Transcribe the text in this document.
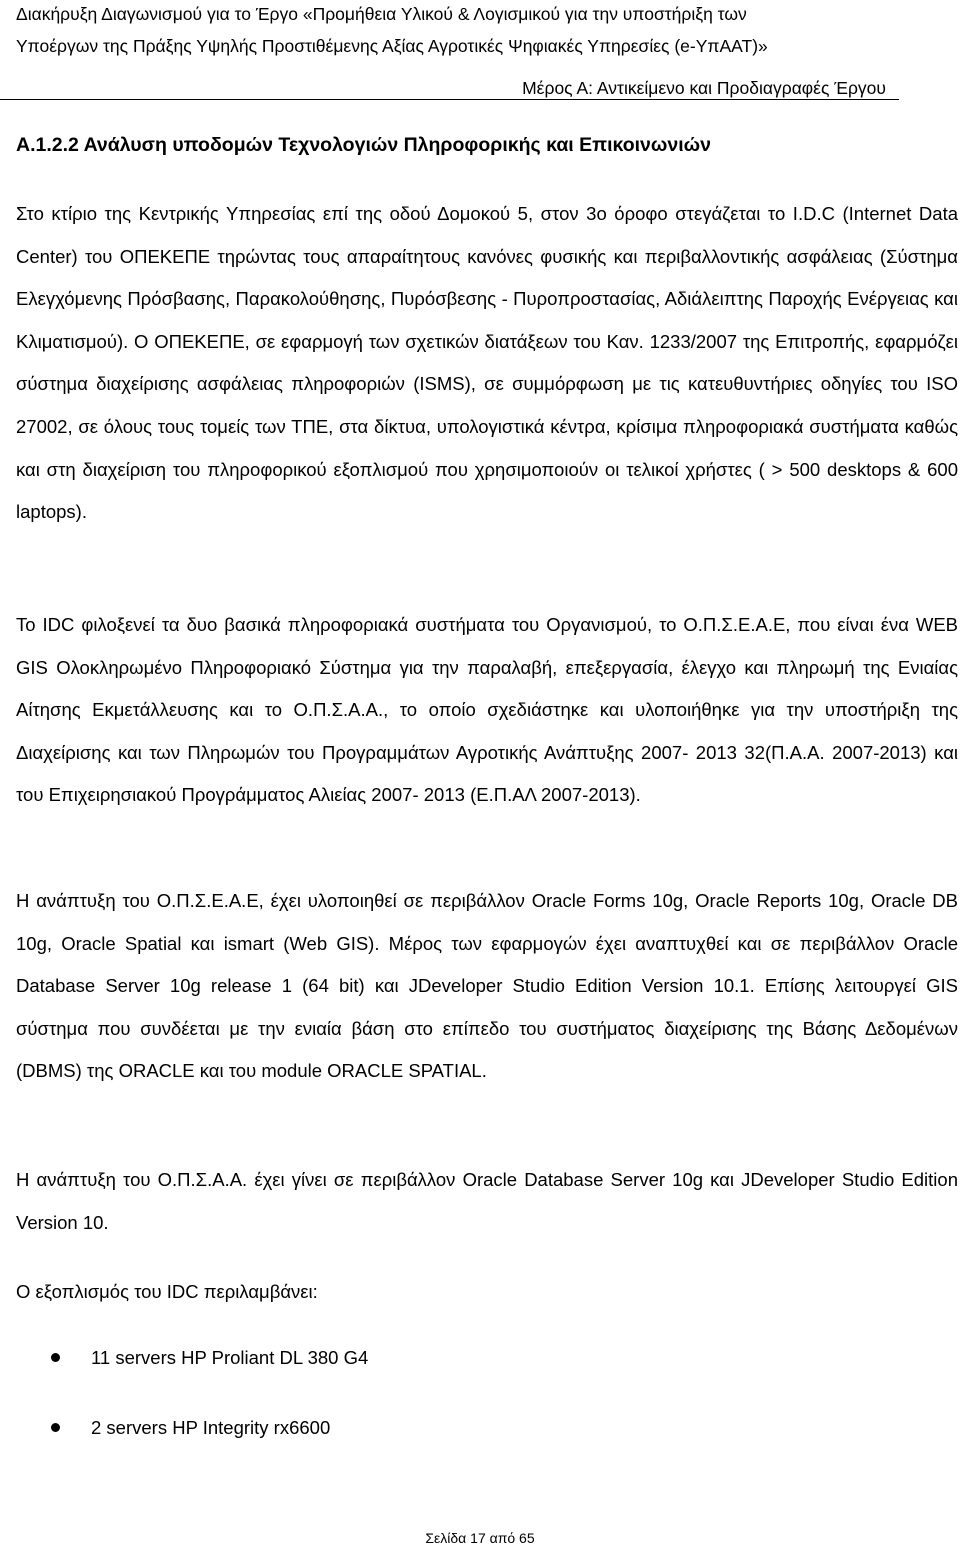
Διακήρυξη Διαγωνισμού για το Έργο «Προμήθεια Υλικού & Λογισμικού για την υποστήριξη των
Υποέργων της Πράξης Υψηλής Προστιθέμενης Αξίας Αγροτικές Ψηφιακές Υπηρεσίες (e-ΥπΑΑΤ)»
Μέρος Α: Αντικείμενο και Προδιαγραφές Έργου
Α.1.2.2 Ανάλυση υποδομών Τεχνολογιών Πληροφορικής και Επικοινωνιών

Στο κτίριο της Κεντρικής Υπηρεσίας επί της οδού Δομοκού 5, στον 3ο όροφο στεγάζεται το I.D.C (Internet Data Center) του ΟΠΕΚΕΠΕ τηρώντας τους απαραίτητους κανόνες φυσικής και περιβαλλοντικής ασφάλειας (Σύστημα Ελεγχόμενης Πρόσβασης, Παρακολούθησης, Πυρόσβεσης - Πυροπροστασίας, Αδιάλειπτης Παροχής Ενέργειας και Κλιματισμού). Ο ΟΠΕΚΕΠΕ, σε εφαρμογή των σχετικών διατάξεων του Καν. 1233/2007 της Επιτροπής, εφαρμόζει σύστημα διαχείρισης ασφάλειας πληροφοριών (ISMS), σε συμμόρφωση με τις κατευθυντήριες οδηγίες του ISO 27002, σε όλους τους τομείς των ΤΠΕ, στα δίκτυα, υπολογιστικά κέντρα, κρίσιμα πληροφοριακά συστήματα καθώς και στη διαχείριση του πληροφορικού εξοπλισμού που χρησιμοποιούν οι τελικοί χρήστες ( > 500 desktops & 600 laptops).

Το IDC φιλοξενεί τα δυο βασικά πληροφοριακά συστήματα του Οργανισμού, το Ο.Π.Σ.Ε.Α.Ε, που είναι ένα WEB GIS Ολοκληρωμένο Πληροφοριακό Σύστημα για την παραλαβή, επεξεργασία, έλεγχο και πληρωμή της Ενιαίας Αίτησης Εκμετάλλευσης και το Ο.Π.Σ.Α.Α., το οποίο σχεδιάστηκε και υλοποιήθηκε για την υποστήριξη της Διαχείρισης και των Πληρωμών του Προγραμμάτων Αγροτικής Ανάπτυξης 2007- 2013 32(Π.Α.Α. 2007-2013) και του Επιχειρησιακού Προγράμματος Αλιείας 2007- 2013 (Ε.Π.ΑΛ 2007-2013).

Η ανάπτυξη του Ο.Π.Σ.Ε.Α.Ε, έχει υλοποιηθεί σε περιβάλλον Oracle Forms 10g, Oracle Reports 10g, Oracle DB 10g, Oracle Spatial και ismart (Web GIS). Μέρος των εφαρμογών έχει αναπτυχθεί και σε περιβάλλον Oracle Database Server 10g release 1 (64 bit) και JDeveloper Studio Edition Version 10.1. Επίσης λειτουργεί GIS σύστημα που συνδέεται με την ενιαία βάση στο επίπεδο του συστήματος διαχείρισης της Βάσης Δεδομένων (DBMS) της ORACLE και του module ORACLE SPATIAL.

Η ανάπτυξη του Ο.Π.Σ.Α.Α. έχει γίνει σε περιβάλλον Oracle Database Server 10g και JDeveloper Studio Edition Version 10.

Ο εξοπλισμός του IDC περιλαμβάνει:

11 servers HP Proliant DL 380 G4
2 servers HP Integrity rx6600
Σελίδα 17 από 65
